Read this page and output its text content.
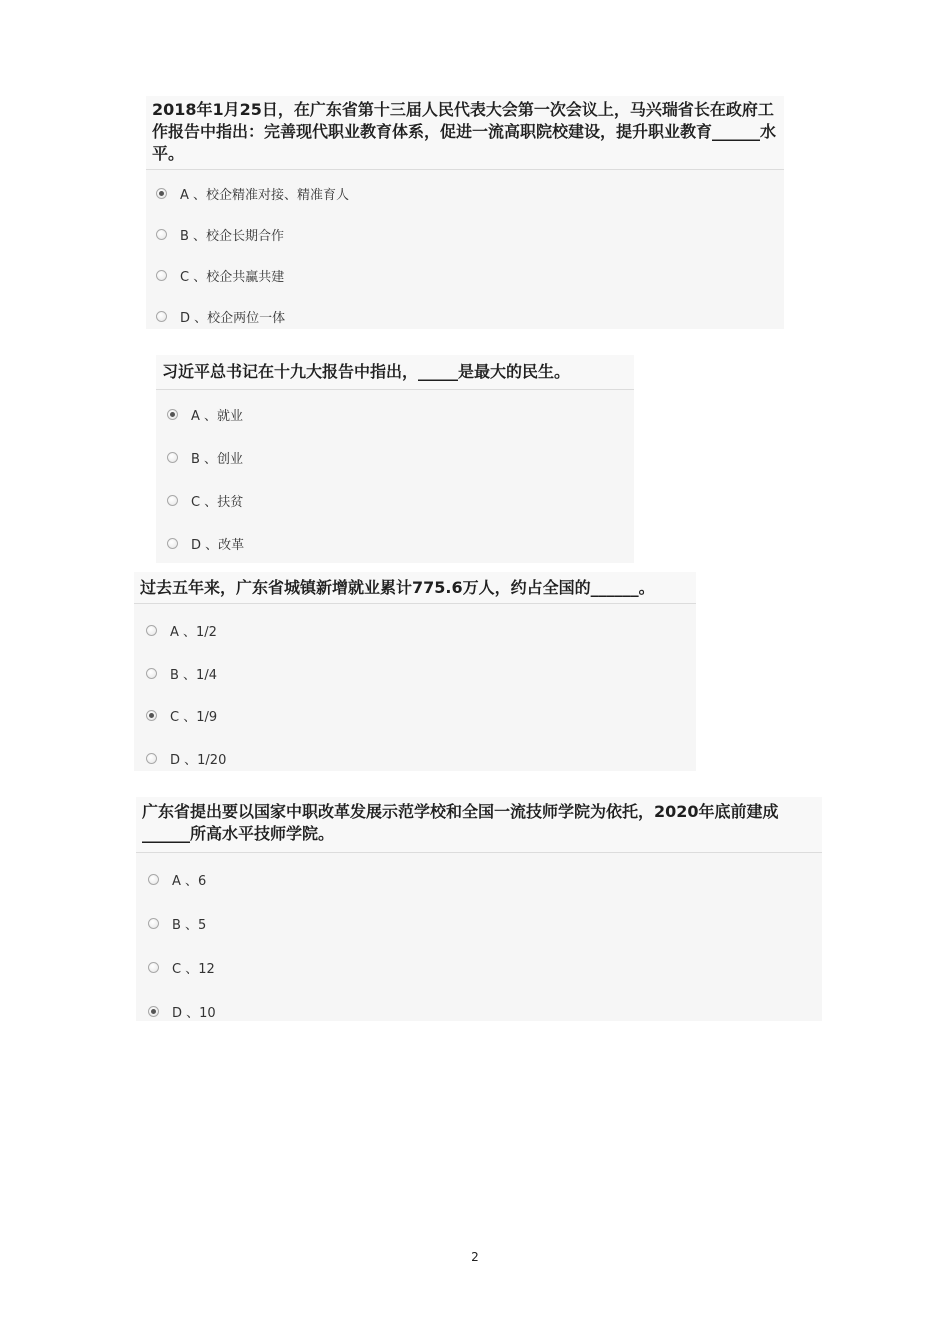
2018年1月25日，在广东省第十三届人民代表大会第一次会议上，马兴瑞省长在政府工作报告中指出：完善现代职业教育体系，促进一流高职院校建设，提升职业教育______水平。
A 、校企精准对接、精准育人
B 、校企长期合作
C 、校企共赢共建
D 、校企两位一体
习近平总书记在十九大报告中指出，_____是最大的民生。
A 、就业
B 、创业
C 、扶贫
D 、改革
过去五年来，广东省城镇新增就业累计775.6万人，约占全国的______。
A 、1/2
B 、1/4
C 、1/9
D 、1/20
广东省提出要以国家中职改革发展示范学校和全国一流技师学院为依托，2020年底前建成______所高水平技师学院。
A 、6
B 、5
C 、12
D 、10
2
